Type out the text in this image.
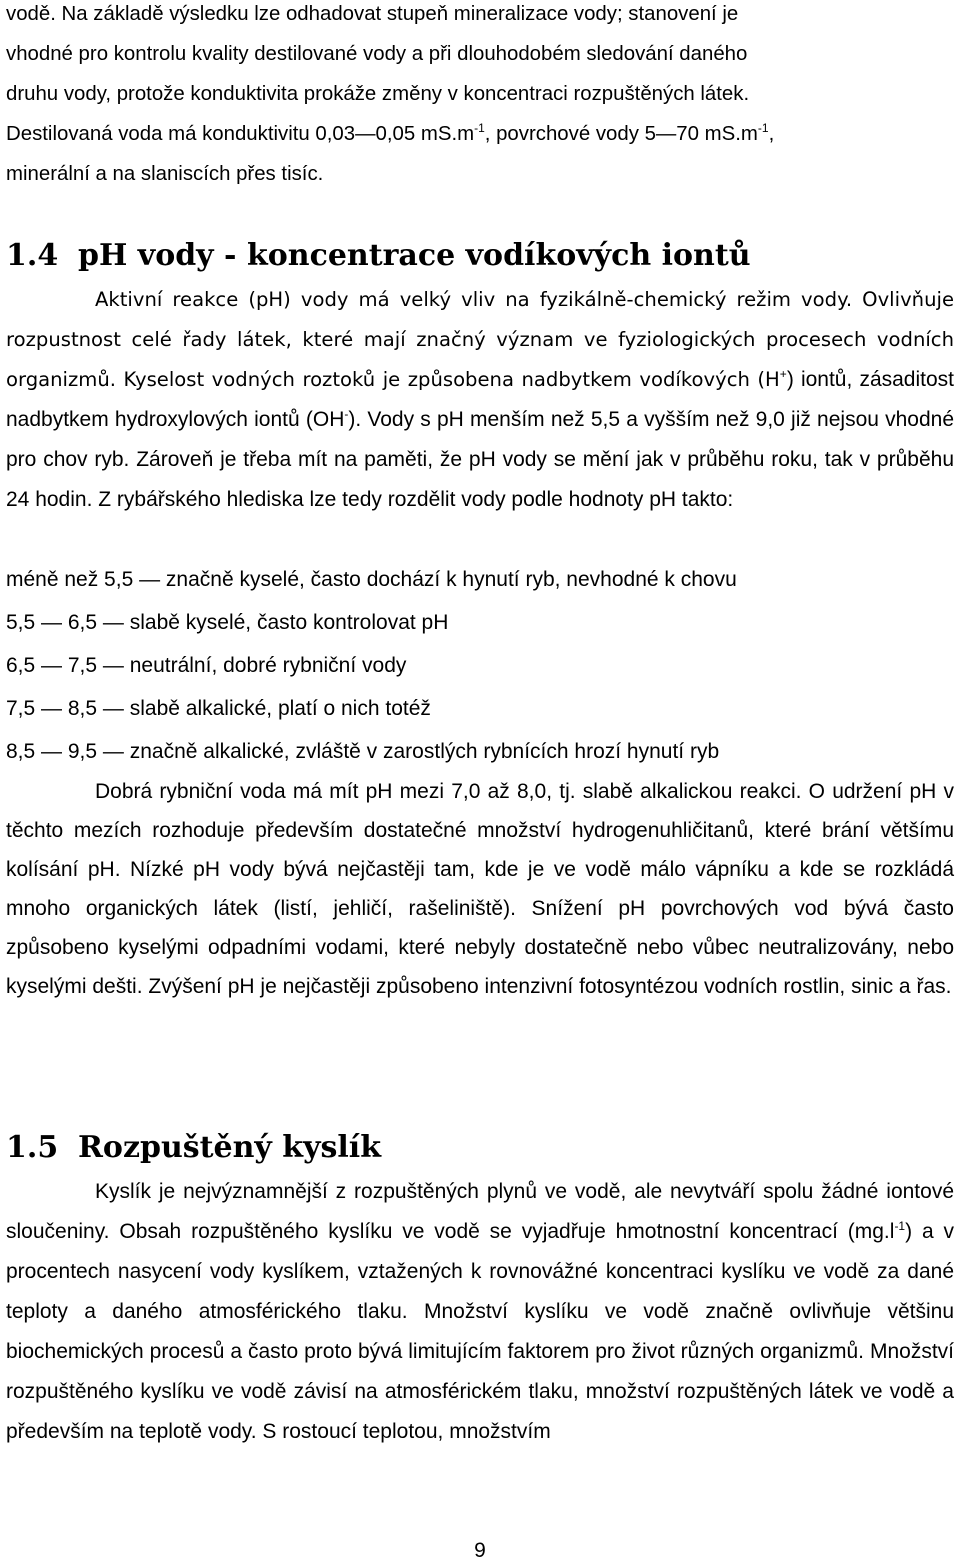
vodě. Na základě výsledku lze odhadovat stupeň mineralizace vody; stanovení je
vhodné pro kontrolu kvality destilované vody a při dlouhodobém sledování daného
druhu vody, protože konduktivita prokáže změny v koncentraci rozpuštěných látek.
Destilovaná voda má konduktivitu 0,03—0,05 $mS.m^{-1}$, povrchové vody 5—70 $mS.m^{-1}$,
minerální a na slaniscích přes tisíc.
1.4 pH vody - koncentrace vodíkových iontů

Aktivní reakce (pH) vody má velký vliv na fyzikálně-chemický režim vody. Ovlivňuje rozpustnost celé řady látek, které mají značný význam ve fyziologických procesech vodních organizmů. Kyselost vodných roztoků je způsobena nadbytkem vodíkových (H+) iontů, zásaditost nadbytkem hydroxylových iontů (OH-). Vody s pH menším než 5,5 a vyšším než 9,0 již nejsou vhodné pro chov ryb. Zároveň je třeba mít na paměti, že pH vody se mění jak v průběhu roku, tak v průběhu 24 hodin. Z rybářského hlediska lze tedy rozdělit vody podle hodnoty pH takto:

méně než 5,5 — značně kyselé, často dochází k hynutí ryb, nevhodné k chovu

5,5 — 6,5 — slabě kyselé, často kontrolovat pH

6,5 — 7,5 — neutrální, dobré rybniční vody

7,5 — 8,5 — slabě alkalické, platí o nich totéž

8,5 — 9,5 — značně alkalické, zvláště v zarostlých rybnících hrozí hynutí ryb

Dobrá rybniční voda má mít pH mezi 7,0 až 8,0, tj. slabě alkalickou reakci. O udržení pH v těchto mezích rozhoduje především dostatečné množství hydrogenuhličitanů, které brání většímu kolísání pH. Nízké pH vody bývá nejčastěji tam, kde je ve vodě málo vápníku a kde se rozkládá mnoho organických látek (listí, jehličí, rašeliniště). Snížení pH povrchových vod bývá často způsobeno kyselými odpadními vodami, které nebyly dostatečně nebo vůbec neutralizovány, nebo kyselými dešti. Zvýšení pH je nejčastěji způsobeno intenzivní fotosyntézou vodních rostlin, sinic a řas.

1.5 Rozpuštěný kyslík

Kyslík je nejvýznamnější z rozpuštěných plynů ve vodě, ale nevytváří spolu žádné iontové sloučeniny. Obsah rozpuštěného kyslíku ve vodě se vyjadřuje hmotnostní koncentrací $(mg.l^{-1})$ a v procentech nasycení vody kyslíkem, vztažených k rovnovážné koncentraci kyslíku ve vodě za dané teploty a daného atmosférického tlaku. Množství kyslíku ve vodě značně ovlivňuje většinu biochemických procesů a často proto bývá limitujícím faktorem pro život různých organizmů. Množství rozpuštěného kyslíku ve vodě závisí na atmosférickém tlaku, množství rozpuštěných látek ve vodě a především na teplotě vody. S rostoucí teplotou, množstvím

9
